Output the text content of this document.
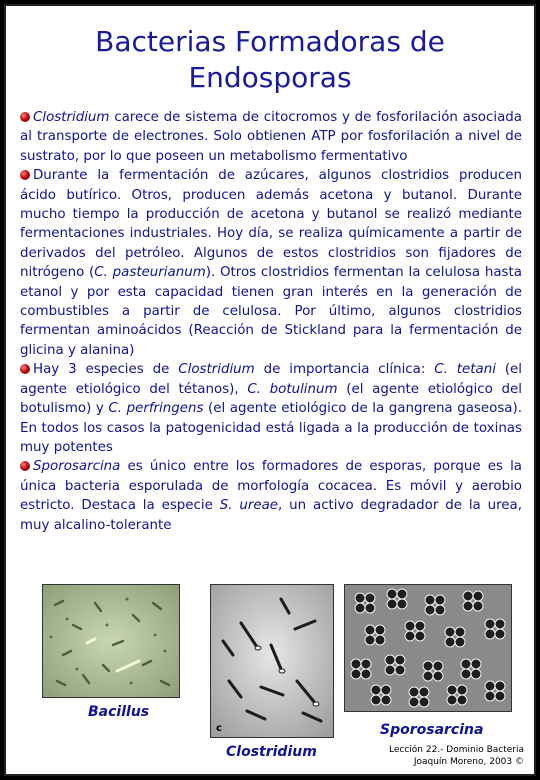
Bacterias Formadoras de
Endosporas

Clostridium carece de sistema de citocromos y de fosforilación asociada al transporte de electrones. Solo obtienen ATP por fosforilación a nivel de sustrato, por lo que poseen un metabolismo fermentativo

Durante la fermentación de azúcares, algunos clostridios producen ácido butírico. Otros, producen además acetona y butanol. Durante mucho tiempo la producción de acetona y butanol se realizó mediante fermentaciones industriales. Hoy día, se realiza químicamente a partir de derivados del petróleo. Algunos de estos clostridios son fijadores de nitrógeno (C. pasteurianum). Otros clostridios fermentan la celulosa hasta etanol y por esta capacidad tienen gran interés en la generación de combustibles a partir de celulosa. Por último, algunos clostridios fermentan aminoácidos (Reacción de Stickland para la fermentación de glicina y alanina)

Hay 3 especies de Clostridium de importancia clínica: C. tetani (el agente etiológico del tétanos), C. botulinum (el agente etiológico del botulismo) y C. perfringens (el agente etiológico de la gangrena gaseosa). En todos los casos la patogenicidad está ligada a la producción de toxinas muy potentes

Sporosarcina es único entre los formadores de esporas, porque es la única bacteria esporulada de morfología cocacea. Es móvil y aerobio estricto. Destaca la especie S. ureae, un activo degradador de la urea, muy alcalino-tolerante

c
Bacillus
Clostridium
Sporosarcina
Lección 22.- Dominio Bacteria
Joaquín Moreno, 2003 ©
